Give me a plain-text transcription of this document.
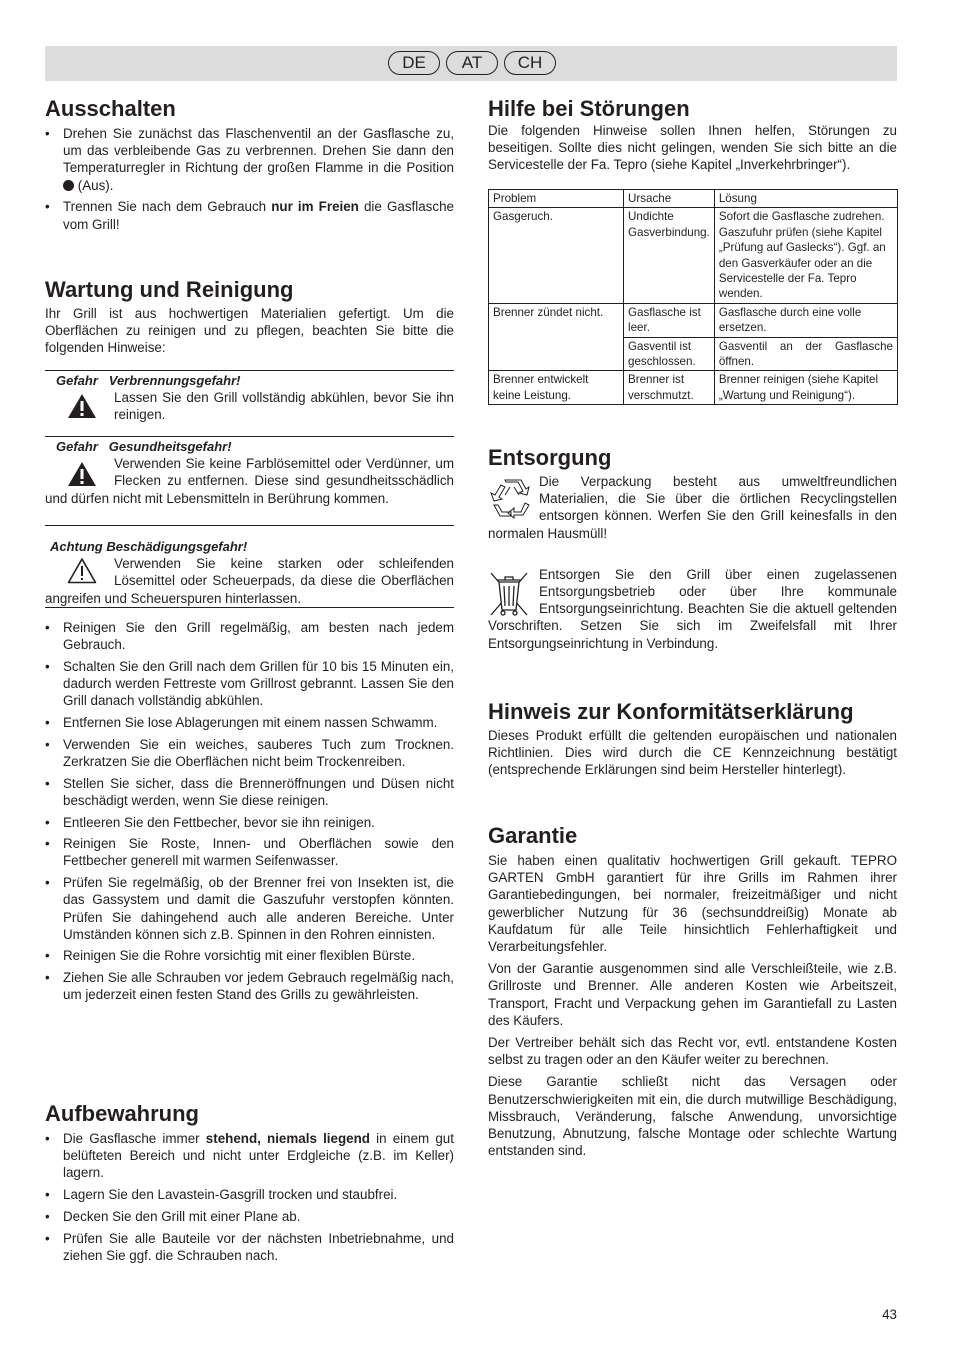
DE	AT	CH
Ausschalten
• Drehen Sie zunächst das Flaschenventil an der Gasflasche zu, um das verbleibende Gas zu verbrennen. Drehen Sie dann den Temperaturregler in Richtung der großen Flamme in die Position  (Aus).
• Trennen Sie nach dem Gebrauch nur im Freien die Gasflasche vom Grill!
Wartung und Reinigung

Ihr Grill ist aus hochwertigen Materialien gefertigt. Um die Oberflächen zu reinigen und zu pflegen, beachten Sie bitte die folgenden Hinweise:

Gefahr Verbrennungsgefahr!
Lassen Sie den Grill vollständig abkühlen, bevor Sie ihn reinigen.
Gefahr Gesundheitsgefahr!
Verwenden Sie keine Farblösemittel oder Verdünner, um Flecken zu entfernen. Diese sind gesundheitsschädlich und dürfen nicht mit Lebensmitteln in Berührung kommen.
Achtung Beschädigungsgefahr!
Verwenden Sie keine starken oder schleifenden Lösemittel oder Scheuerpads, da diese die Oberflächen angreifen und Scheuerspuren hinterlassen.
• Reinigen Sie den Grill regelmäßig, am besten nach jedem Gebrauch.
• Schalten Sie den Grill nach dem Grillen für 10 bis 15 Minuten ein, dadurch werden Fettreste vom Grillrost gebrannt. Lassen Sie den Grill danach vollständig abkühlen.
• Entfernen Sie lose Ablagerungen mit einem nassen Schwamm.
• Verwenden Sie ein weiches, sauberes Tuch zum Trocknen. Zerkratzen Sie die Oberflächen nicht beim Trockenreiben.
• Stellen Sie sicher, dass die Brenneröffnungen und Düsen nicht beschädigt werden, wenn Sie diese reinigen.
• Entleeren Sie den Fettbecher, bevor sie ihn reinigen.
• Reinigen Sie Roste, Innen- und Oberflächen sowie den Fettbecher generell mit warmen Seifenwasser.
• Prüfen Sie regelmäßig, ob der Brenner frei von Insekten ist, die das Gassystem und damit die Gaszufuhr verstopfen könnten. Prüfen Sie dahingehend auch alle anderen Bereiche. Unter Umständen können sich z.B. Spinnen in den Rohren einnisten.
• Reinigen Sie die Rohre vorsichtig mit einer flexiblen Bürste.
• Ziehen Sie alle Schrauben vor jedem Gebrauch regelmäßig nach, um jederzeit einen festen Stand des Grills zu gewährleisten.
Aufbewahrung
• Die Gasflasche immer stehend, niemals liegend in einem gut belüfteten Bereich und nicht unter Erdgleiche (z.B. im Keller) lagern.
• Lagern Sie den Lavastein-Gasgrill trocken und staubfrei.
• Decken Sie den Grill mit einer Plane ab.
• Prüfen Sie alle Bauteile vor der nächsten Inbetriebnahme, und ziehen Sie ggf. die Schrauben nach.
Hilfe bei Störungen

Die folgenden Hinweise sollen Ihnen helfen, Störungen zu beseitigen. Sollte dies nicht gelingen, wenden Sie sich bitte an die Servicestelle der Fa. Tepro (siehe Kapitel „Inverkehrbringer“).

Problem	Ursache	Lösung
Gasgeruch.	Undichte Gasverbindung.	Sofort die Gasflasche zudrehen. Gaszufuhr prüfen (siehe Kapitel „Prüfung auf Gaslecks“). Ggf. an den Gasverkäufer oder an die Servicestelle der Fa. Tepro wenden.
Brenner zündet nicht.	Gasflasche ist leer.	Gasflasche durch eine volle ersetzen.
	Gasventil ist geschlossen.	Gasventil an der Gasflasche öffnen.
Brenner entwickelt keine Leistung.	Brenner ist verschmutzt.	Brenner reinigen (siehe Kapitel „Wartung und Reinigung“).
Entsorgung

Die Verpackung besteht aus umweltfreundlichen Materialien, die Sie über die örtlichen Recyclingstellen entsorgen können. Werfen Sie den Grill keinesfalls in den normalen Hausmüll!

Entsorgen Sie den Grill über einen zugelassenen Entsorgungsbetrieb oder über Ihre kommunale Entsorgungseinrichtung. Beachten Sie die aktuell geltenden Vorschriften. Setzen Sie sich im Zweifelsfall mit Ihrer Entsorgungseinrichtung in Verbindung.

Hinweis zur Konformitätserklärung

Dieses Produkt erfüllt die geltenden europäischen und nationalen Richtlinien. Dies wird durch die CE Kennzeichnung bestätigt (entsprechende Erklärungen sind beim Hersteller hinterlegt).

Garantie

Sie haben einen qualitativ hochwertigen Grill gekauft. TEPRO GARTEN GmbH garantiert für ihre Grills im Rahmen ihrer Garantiebedingungen, bei normaler, freizeitmäßiger und nicht gewerblicher Nutzung für 36 (sechsunddreißig) Monate ab Kaufdatum für alle Teile hinsichtlich Fehlerhaftigkeit und Verarbeitungsfehler.

Von der Garantie ausgenommen sind alle Verschleißteile, wie z.B. Grillroste und Brenner. Alle anderen Kosten wie Arbeitszeit, Transport, Fracht und Verpackung gehen im Garantiefall zu Lasten des Käufers.

Der Vertreiber behält sich das Recht vor, evtl. entstandene Kosten selbst zu tragen oder an den Käufer weiter zu berechnen.

Diese Garantie schließt nicht das Versagen oder Benutzerschwierigkeiten mit ein, die durch mutwillige Beschädigung, Missbrauch, Veränderung, falsche Anwendung, unvorsichtige Benutzung, Abnutzung, falsche Montage oder schlechte Wartung entstanden sind.

43
